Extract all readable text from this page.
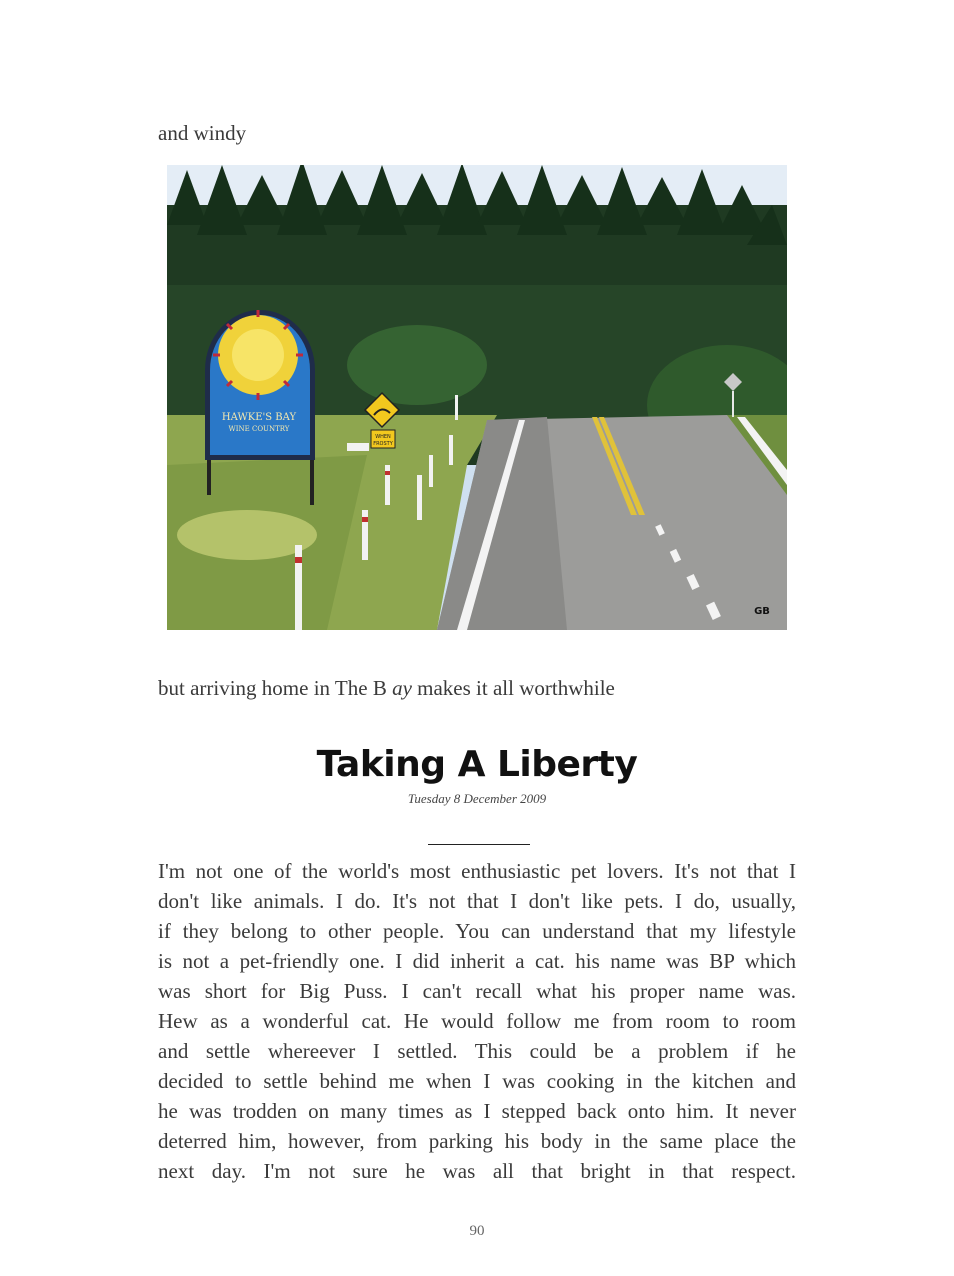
and windy
HAWKE'S BAY
WINE COUNTRY
WHEN
FROSTY
GB
but arriving home in The B ay makes it all worthwhile
Taking A Liberty
Tuesday 8 December 2009
I'm not one of the world's most enthusiastic pet lovers. It's not that I
don't like animals. I do. It's not that I don't like pets. I do, usually,
if they belong to other people. You can understand that my lifestyle
is not a pet-friendly one. I did inherit a cat. his name was BP which
was short for Big Puss. I can't recall what his proper name was.
Hew as a wonderful cat. He would follow me from room to room
and settle whereever I settled. This could be a problem if he
decided to settle behind me when I was cooking in the kitchen and
he was trodden on many times as I stepped back onto him. It never
deterred him, however, from parking his body in the same place the
next day. I'm not sure he was all that bright in that respect.
90
